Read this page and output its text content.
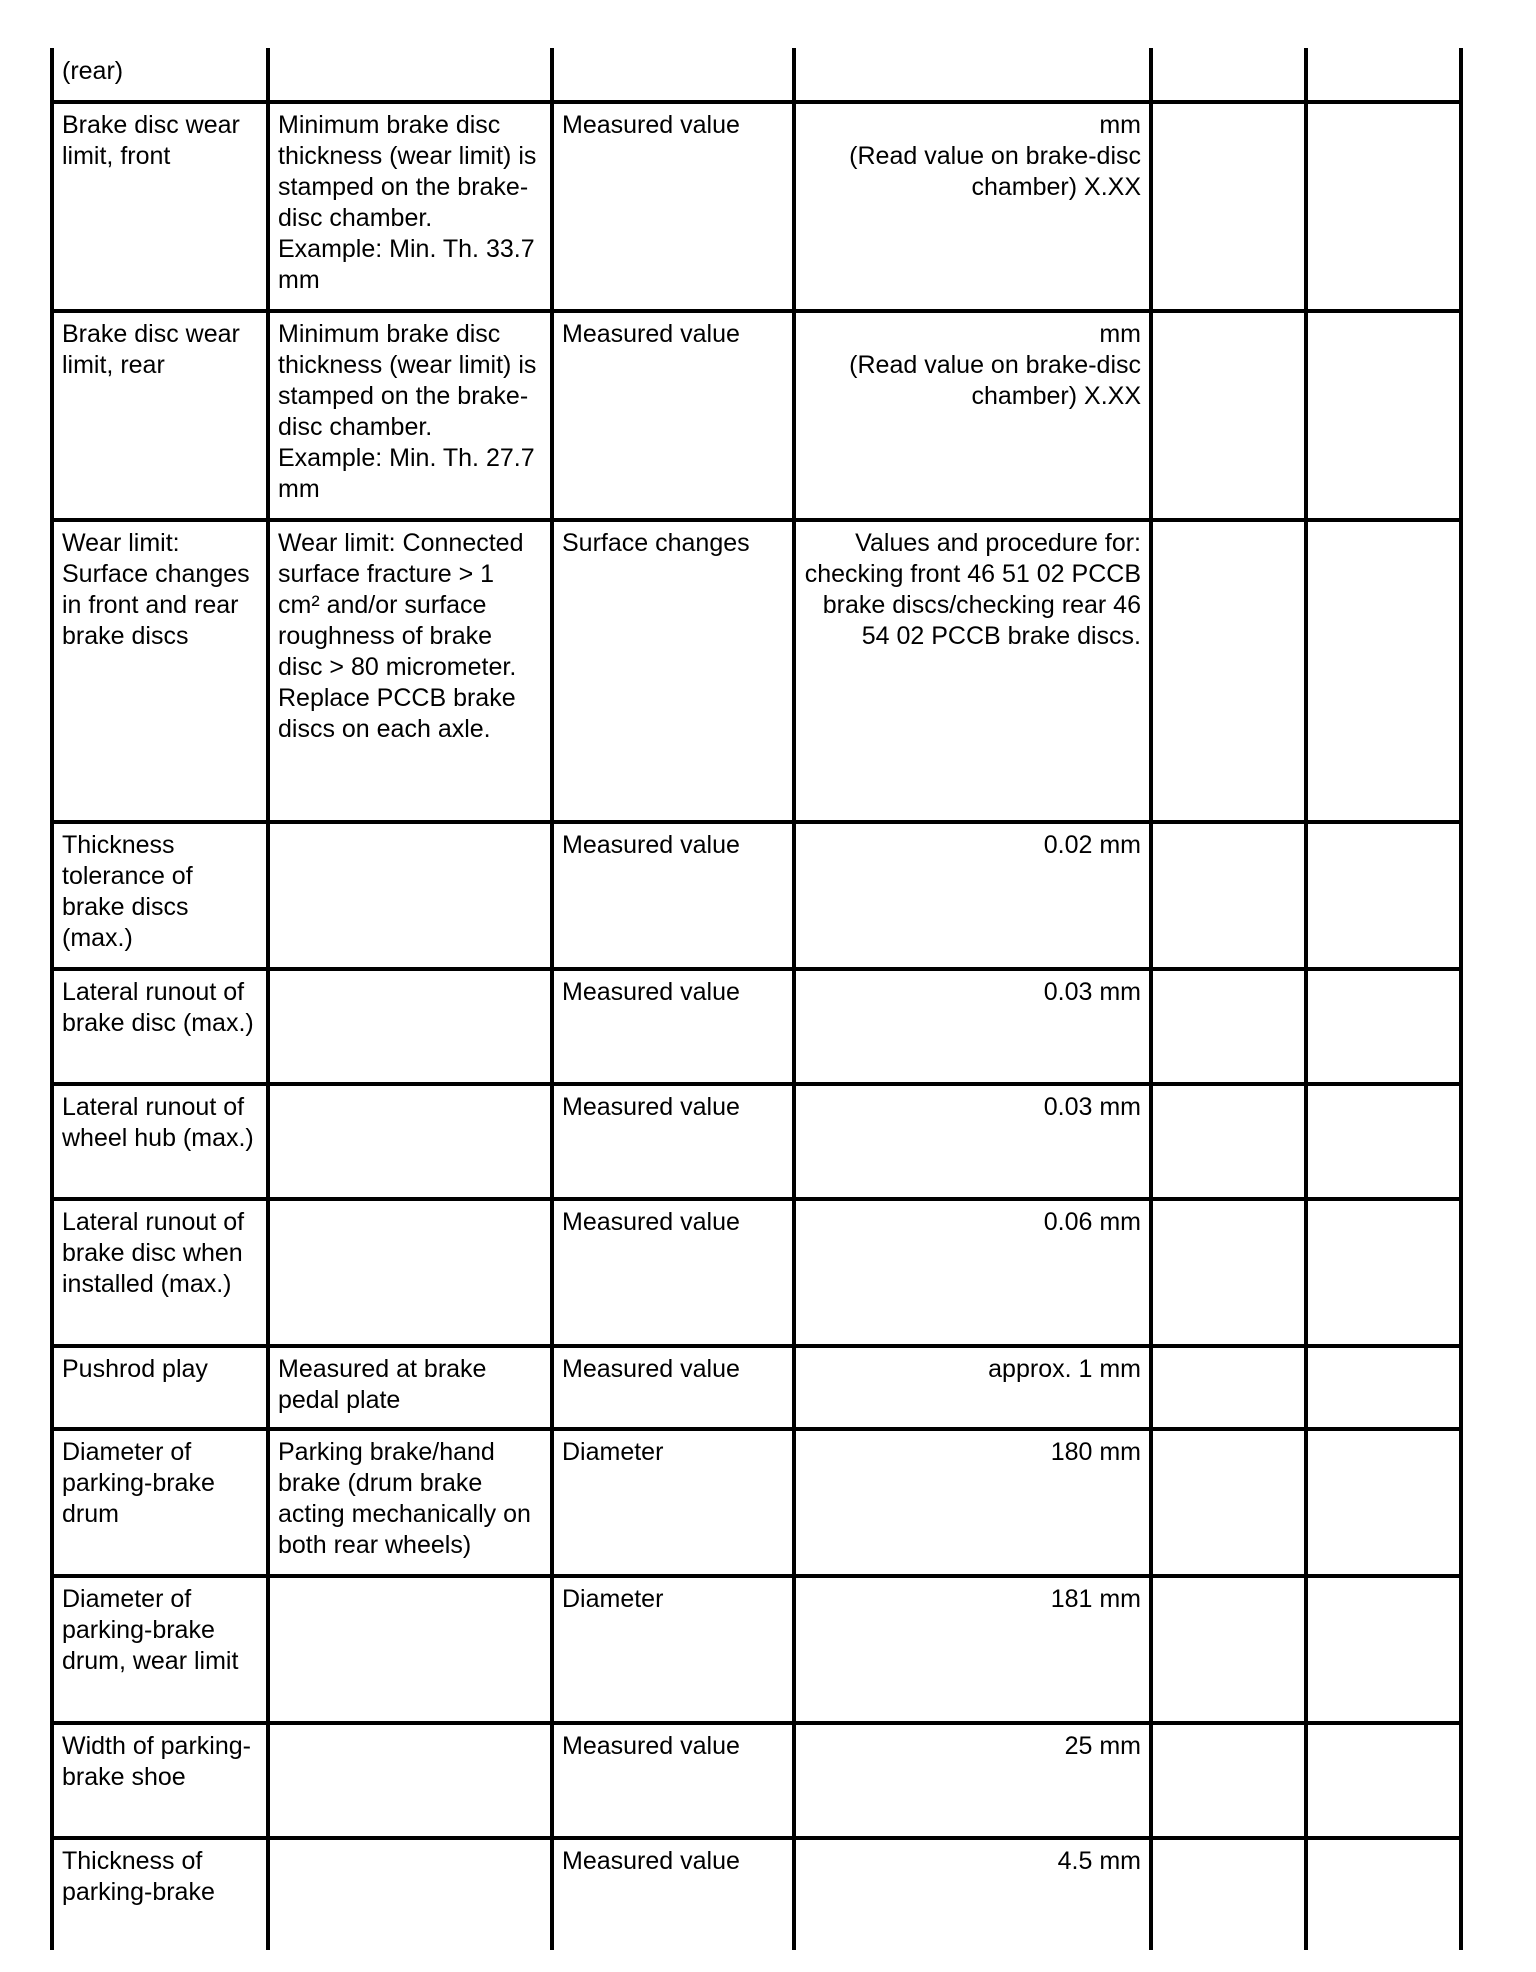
(rear)					
Brake disc wear limit, front	Minimum brake disc thickness (wear limit) is stamped on the brake-disc chamber. Example: Min. Th. 33.7 mm	Measured value	mm
(Read value on brake-disc chamber) X.XX		
Brake disc wear limit, rear	Minimum brake disc thickness (wear limit) is stamped on the brake-disc chamber. Example: Min. Th. 27.7 mm	Measured value	mm
(Read value on brake-disc chamber) X.XX		
Wear limit: Surface changes in front and rear brake discs	Wear limit: Connected surface fracture > 1 cm² and/or surface roughness of brake disc > 80 micrometer. Replace PCCB brake discs on each axle.	Surface changes	Values and procedure for: checking front 46 51 02 PCCB brake discs/checking rear 46 54 02 PCCB brake discs.		
Thickness tolerance of brake discs (max.)		Measured value	0.02 mm		
Lateral runout of brake disc (max.)		Measured value	0.03 mm		
Lateral runout of wheel hub (max.)		Measured value	0.03 mm		
Lateral runout of brake disc when installed (max.)		Measured value	0.06 mm		
Pushrod play	Measured at brake pedal plate	Measured value	approx. 1 mm		
Diameter of parking-brake drum	Parking brake/hand brake (drum brake acting mechanically on both rear wheels)	Diameter	180 mm		
Diameter of parking-brake drum, wear limit		Diameter	181 mm		
Width of parking-brake shoe		Measured value	25 mm		
Thickness of parking-brake		Measured value	4.5 mm		
